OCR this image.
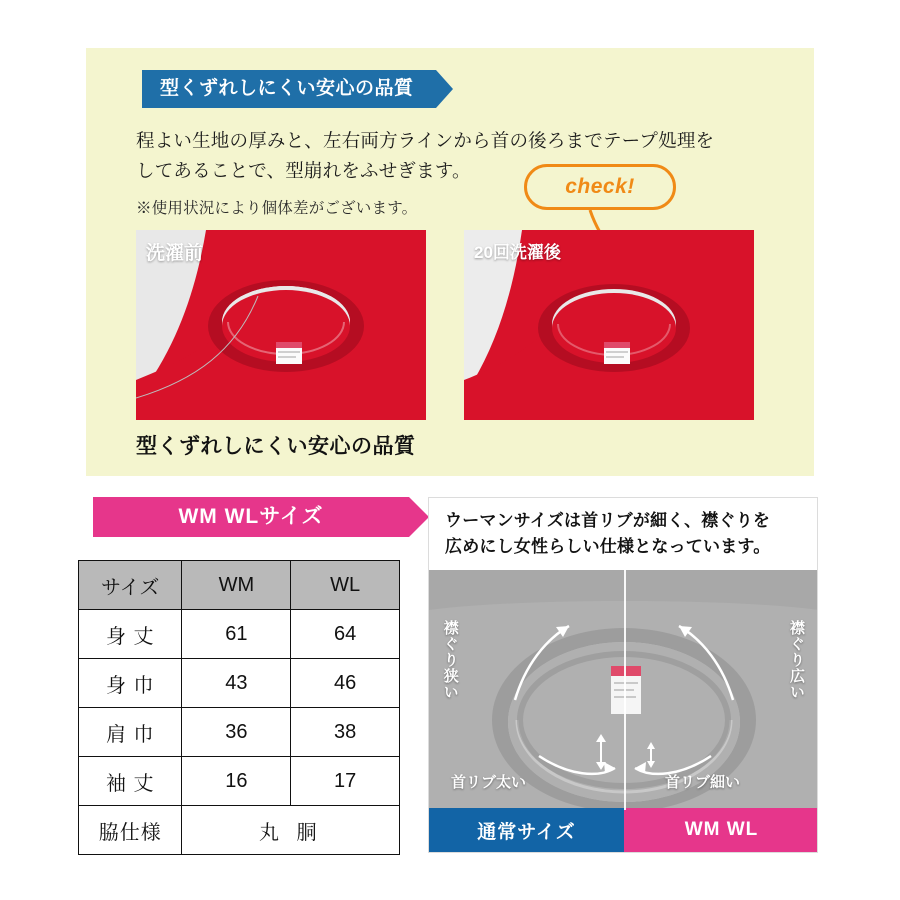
型くずれしにくい安心の品質
程よい生地の厚みと、左右両方ラインから首の後ろまでテープ処理を
してあることで、型崩れをふせぎます。
※使用状況により個体差がございます。
check!
洗濯前	20回洗濯後
型くずれしにくい安心の品質
WM WLサイズ
サイズ	WM	WL
身 丈	61	64
身 巾	43	46
肩 巾	36	38
袖 丈	16	17
脇仕様	丸 胴	
ウーマンサイズは首リブが細く、襟ぐりを
広めにし女性らしい仕様となっています。
襟ぐり狭い	襟ぐり広い
首リブ太い	首リブ細い
通常サイズ	WM WL
